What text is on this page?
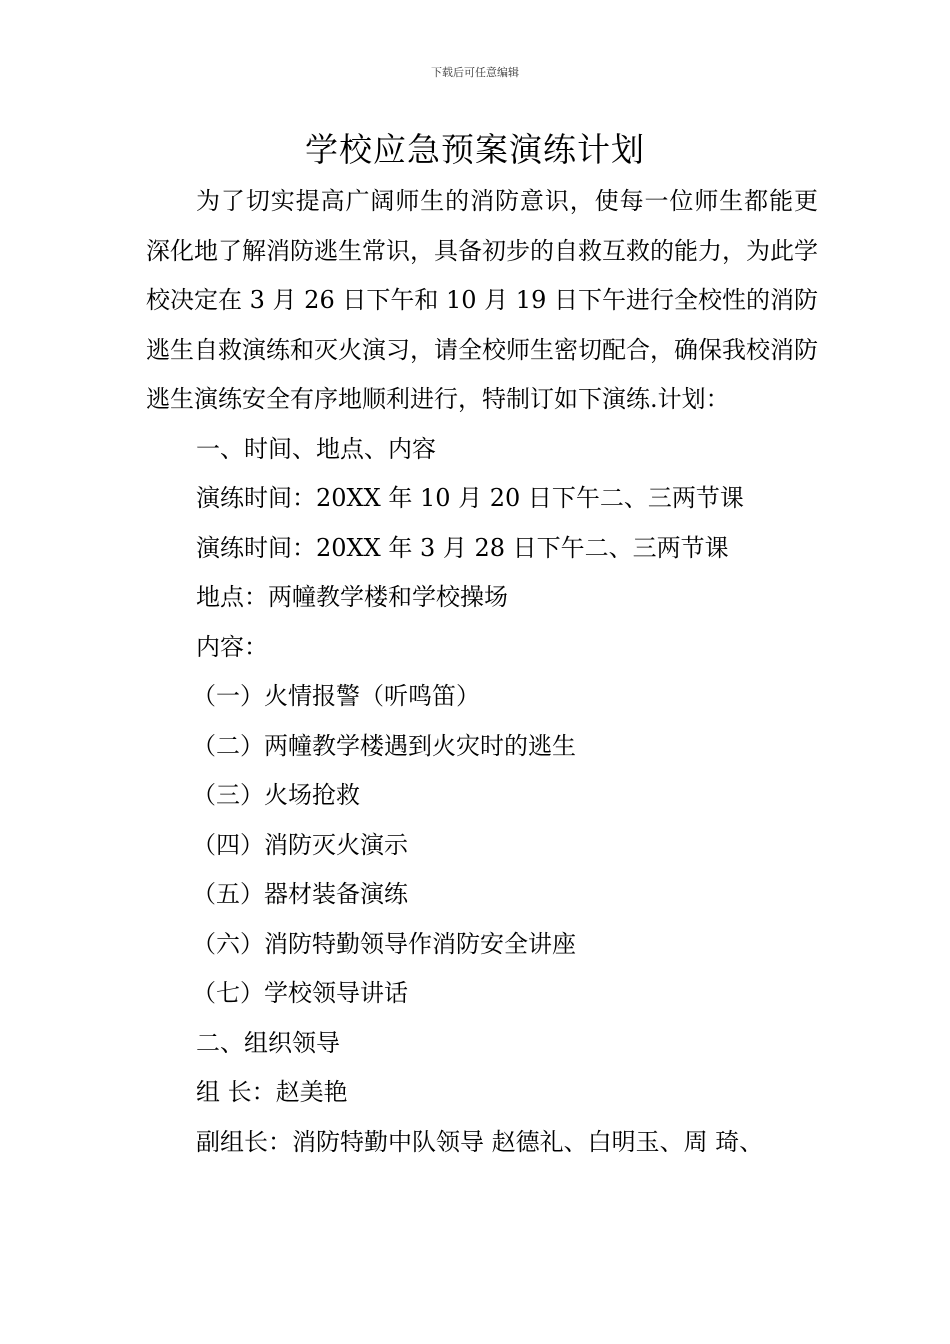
下载后可任意编辑
学校应急预案演练计划

为了切实提高广阔师生的消防意识，使每一位师生都能更深化地了解消防逃生常识，具备初步的自救互救的能力，为此学校决定在 3 月 26 日下午和 10 月 19 日下午进行全校性的消防逃生自救演练和灭火演习，请全校师生密切配合，确保我校消防逃生演练安全有序地顺利进行，特制订如下演练.计划：

一、时间、地点、内容

演练时间：20XX 年 10 月 20 日下午二、三两节课

演练时间：20XX 年 3 月 28 日下午二、三两节课

地点：两幢教学楼和学校操场

内容：

（一）火情报警（听鸣笛）

（二）两幢教学楼遇到火灾时的逃生

（三）火场抢救

（四）消防灭火演示

（五）器材装备演练

（六）消防特勤领导作消防安全讲座

（七）学校领导讲话

二、组织领导

组 长：赵美艳

副组长：消防特勤中队领导 赵德礼、白明玉、周 琦、
